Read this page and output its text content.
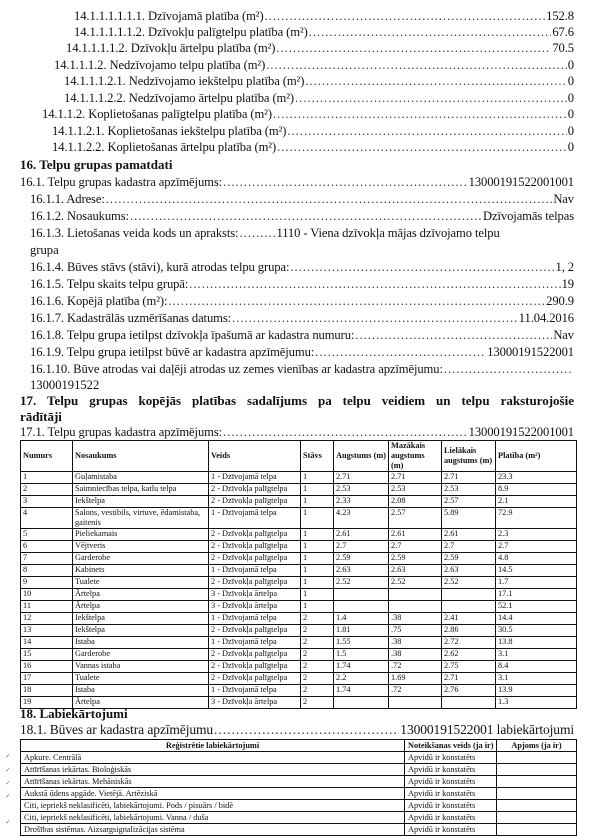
14.1.1.1.1.1.1. Dzīvojamā platība (m²) .....	152.8
14.1.1.1.1.1.2. Dzīvokļu palīgtelpu platība (m²) .....	67.6
14.1.1.1.1.2. Dzīvokļu ārtelpu platība (m²) .....	70.5
14.1.1.1.2. Nedzīvojamo telpu platība (m²) .....	0
14.1.1.1.2.1. Nedzīvojamo iekštelpu platība (m²) .....	0
14.1.1.1.2.2. Nedzīvojamo ārtelpu platība (m²) .....	0
14.1.1.2. Koplietošanas palīgtelpu platība (m²) .....	0
14.1.1.2.1. Koplietošanas iekštelpu platība (m²) .....	0
14.1.1.2.2. Koplietošanas ārtelpu platība (m²) .....	0
16. Telpu grupas pamatdati
16.1. Telpu grupas kadastra apzīmējums: .....	13000191522001001
16.1.1. Adrese: .....	Nav
16.1.2. Nosaukums: .....	Dzīvojamās telpas
16.1.3. Lietošanas veida kods un apraksts: .....	1110 - Viena dzīvokļa mājas dzīvojamo telpu
grupa
16.1.4. Būves stāvs (stāvi), kurā atrodas telpu grupa: .....	1, 2
16.1.5. Telpu skaits telpu grupā: .....	19
16.1.6. Kopējā platība (m²): .....	290.9
16.1.7. Kadastrālās uzmērīšanas datums: .....	11.04.2016
16.1.8. Telpu grupa ietilpst dzīvokļa īpašumā ar kadastra numuru: .....	Nav
16.1.9. Telpu grupa ietilpst būvē ar kadastra apzīmējumu: .....	13000191522001
16.1.10. Būve atrodas vai daļēji atrodas uz zemes vienības ar kadastra apzīmējumu:
.....
13000191522
17. Telpu grupas kopējās platības sadalījums pa telpu veidiem un telpu raksturojošie
rādītāji
17.1. Telpu grupas kadastra apzīmējums: .....	13000191522001001
Numurs	Nosaukums	Veids	Stāvs	Augstums (m)	Mazākais augstums (m)	Lielākais augstums (m)	Platība (m²)
1	Guļamistaba	1 - Dzīvojamā telpa	1	2.71	2.71	2.71	23.3
2	Saimniecības telpa, katlu telpa	2 - Dzīvokļa palīgtelpa	1	2.53	2.53	2.53	8.9
3	Iekštelpa	2 - Dzīvokļa palīgtelpa	1	2.33	2.08	2.57	2.1
4	Salons, vestibils, virtuve, ēdamistaba, gaitenis	1 - Dzīvojamā telpa	1	4.23	2.57	5.89	72.9
5	Pieliekamais	2 - Dzīvokļa palīgtelpa	1	2.61	2.61	2.61	2.3
6	Vējtveris	2 - Dzīvokļa palīgtelpa	1	2.7	2.7	2.7	2.7
7	Garderobe	2 - Dzīvokļa palīgtelpa	1	2.59	2.59	2.59	4.8
8	Kabinets	1 - Dzīvojamā telpa	1	2.63	2.63	2.63	14.5
9	Tualete	2 - Dzīvokļa palīgtelpa	1	2.52	2.52	2.52	1.7
10	Ārtelpa	3 - Dzīvokļa ārtelpa	1				17.1
11	Ārtelpa	3 - Dzīvokļa ārtelpa	1				52.1
12	Iekštelpa	1 - Dzīvojamā telpa	2	1.4	.38	2.41	14.4
13	Iekštelpa	2 - Dzīvokļa palīgtelpa	2	1.81	.75	2.86	30.5
14	Istaba	1 - Dzīvojamā telpa	2	1.55	.38	2.72	13.8
15	Garderobe	2 - Dzīvokļa palīgtelpa	2	1.5	.38	2.62	3.1
16	Vannas istaba	2 - Dzīvokļa palīgtelpa	2	1.74	.72	2.75	8.4
17	Tualete	2 - Dzīvokļa palīgtelpa	2	2.2	1.69	2.71	3.1
18	Istaba	1 - Dzīvojamā telpa	2	1.74	.72	2.76	13.9
19	Ārtelpa	3 - Dzīvokļa ārtelpa	2				1.3
18. Labiekārtojumi
18.1. Būves ar kadastra apzīmējumu .....	13000191522001 labiekārtojumi
Reģistrētie labiekārtojumi	Noteikšanas veids (ja ir)	Apjoms (ja ir)
Apkure. Centrālā	Apvidū ir konstatēts	
Attīrīšanas iekārtas. Bioloģiskās	Apvidū ir konstatēts	
Attīrīšanas iekārtas. Mehāniskās	Apvidū ir konstatēts	
Aukstā ūdens apgāde. Vietējā. Artēziskā	Apvidū ir konstatēts	
Citi, iepriekš neklasificēti, labiekārtojumi. Pods / pisuārs / bidē	Apvidū ir konstatēts	
Citi, iepriekš neklasificēti, labiekārtojumi. Vanna / duša	Apvidū ir konstatēts	
Drošības sistēmas. Aizsargsignalizācijas sistēma	Apvidū ir konstatēts	
✓
✓
✓
✓
✓
